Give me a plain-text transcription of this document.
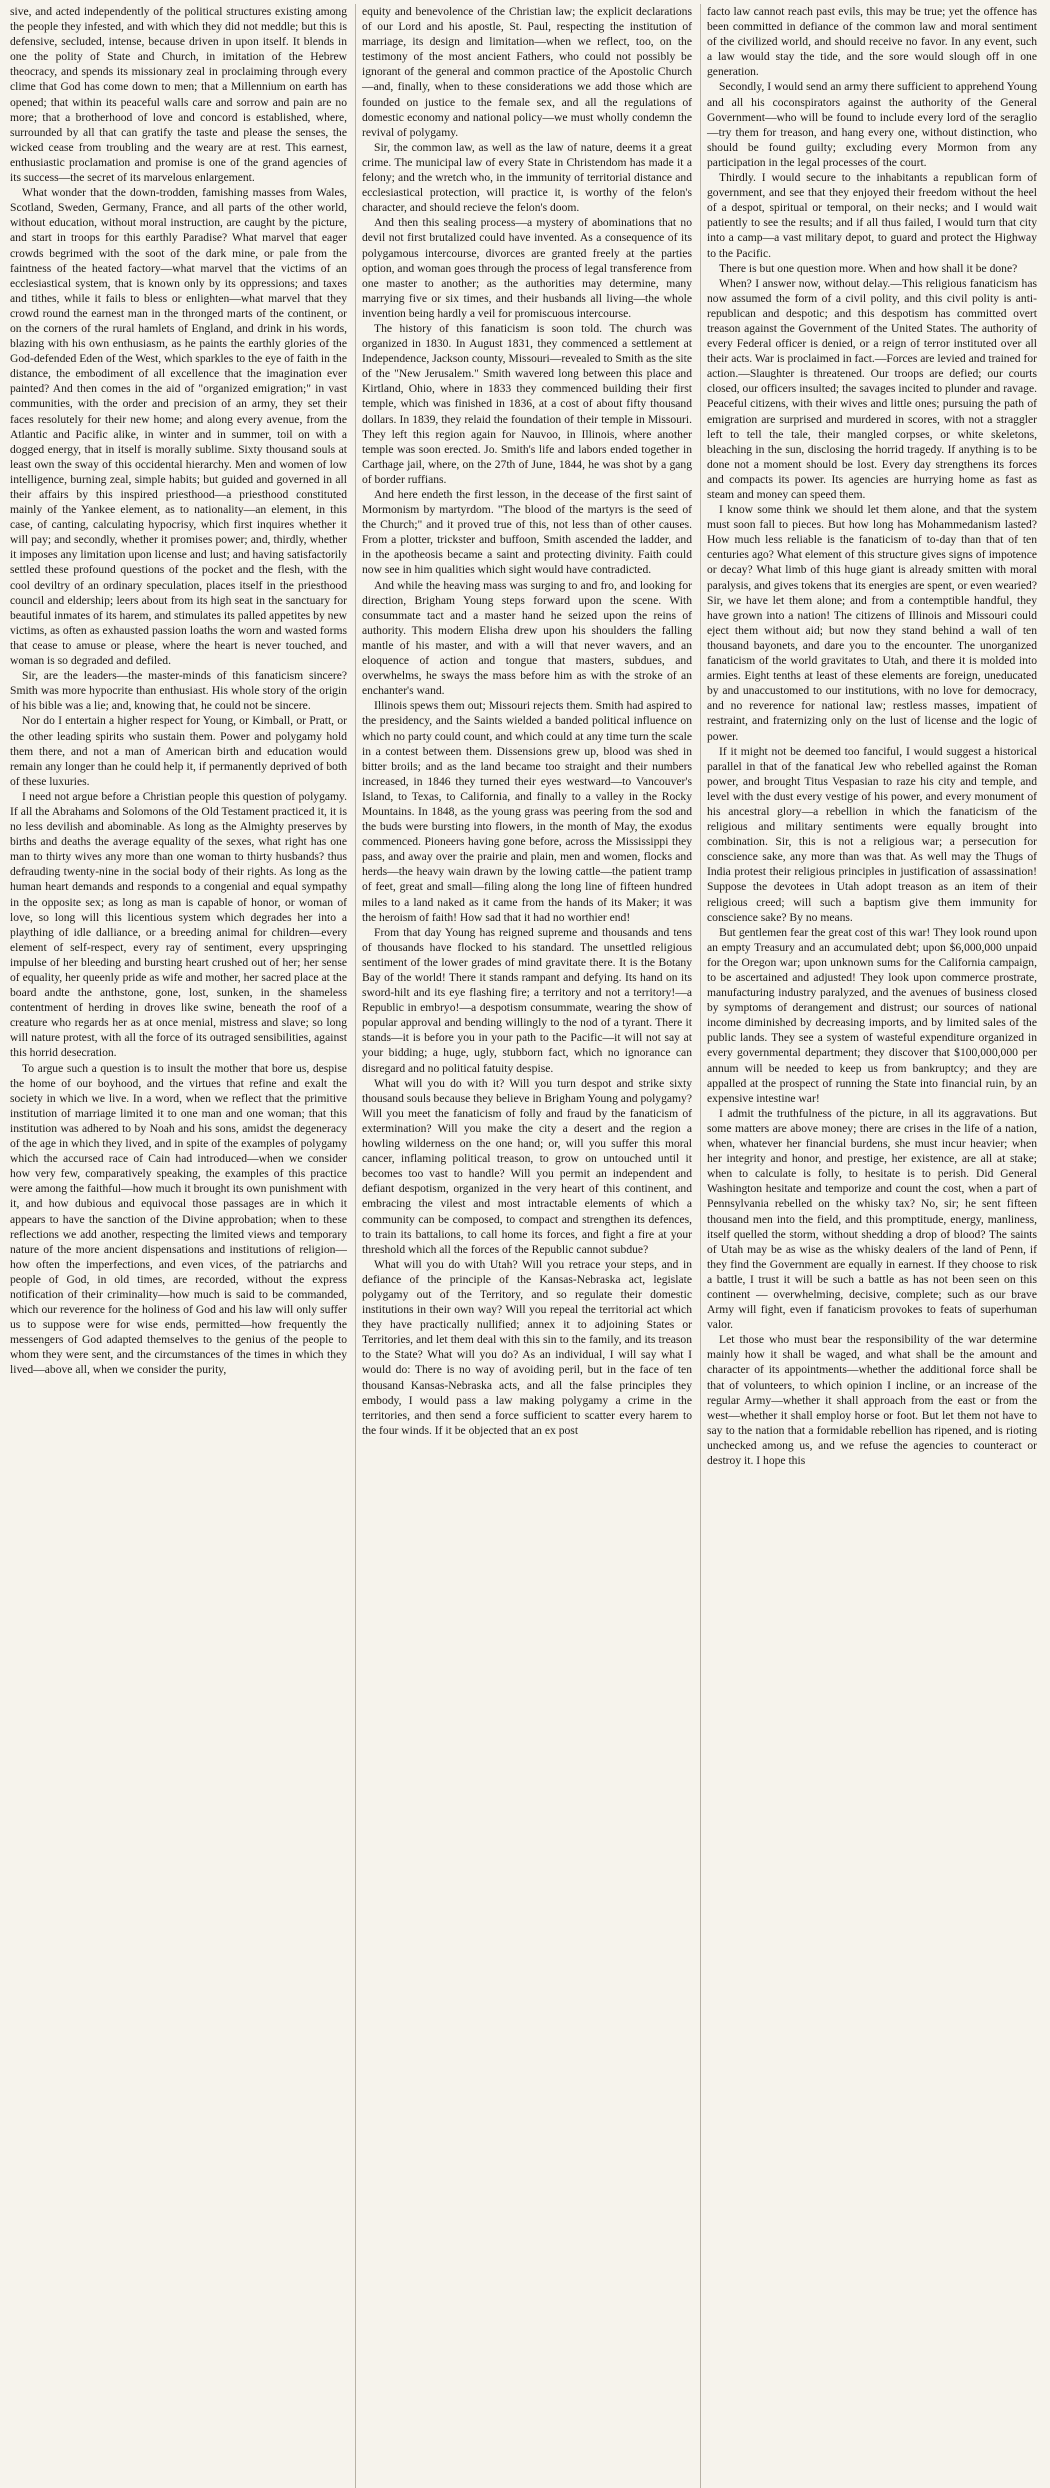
sive, and acted independently of the political structures existing among the people they infested, and with which they did not meddle; but this is defensive, secluded, intense, because driven in upon itself. It blends in one the polity of State and Church, in imitation of the Hebrew theocracy, and spends its missionary zeal in proclaiming through every clime that God has come down to men; that a Millennium on earth has opened; that within its peaceful walls care and sorrow and pain are no more; that a brotherhood of love and concord is established, where, surrounded by all that can gratify the taste and please the senses, the wicked cease from troubling and the weary are at rest. This earnest, enthusiastic proclamation and promise is one of the grand agencies of its success—the secret of its marvelous enlargement.

What wonder that the down-trodden, famishing masses from Wales, Scotland, Sweden, Germany, France, and all parts of the other world, without education, without moral instruction, are caught by the picture, and start in troops for this earthly Paradise? What marvel that eager crowds begrimed with the soot of the dark mine, or pale from the faintness of the heated factory—what marvel that the victims of an ecclesiastical system, that is known only by its oppressions; and taxes and tithes, while it fails to bless or enlighten—what marvel that they crowd round the earnest man in the thronged marts of the continent, or on the corners of the rural hamlets of England, and drink in his words, blazing with his own enthusiasm, as he paints the earthly glories of the God-defended Eden of the West, which sparkles to the eye of faith in the distance, the embodiment of all excellence that the imagination ever painted? And then comes in the aid of "organized emigration;" in vast communities, with the order and precision of an army, they set their faces resolutely for their new home; and along every avenue, from the Atlantic and Pacific alike, in winter and in summer, toil on with a dogged energy, that in itself is morally sublime. Sixty thousand souls at least own the sway of this occidental hierarchy. Men and women of low intelligence, burning zeal, simple habits; but guided and governed in all their affairs by this inspired priesthood—a priesthood constituted mainly of the Yankee element, as to nationality—an element, in this case, of canting, calculating hypocrisy, which first inquires whether it will pay; and secondly, whether it promises power; and, thirdly, whether it imposes any limitation upon license and lust; and having satisfactorily settled these profound questions of the pocket and the flesh, with the cool deviltry of an ordinary speculation, places itself in the priesthood council and eldership; leers about from its high seat in the sanctuary for beautiful inmates of its harem, and stimulates its palled appetites by new victims, as often as exhausted passion loaths the worn and wasted forms that cease to amuse or please, where the heart is never touched, and woman is so degraded and defiled.

Sir, are the leaders—the master-minds of this fanaticism sincere? Smith was more hypocrite than enthusiast. His whole story of the origin of his bible was a lie; and, knowing that, he could not be sincere.

Nor do I entertain a higher respect for Young, or Kimball, or Pratt, or the other leading spirits who sustain them. Power and polygamy hold them there, and not a man of American birth and education would remain any longer than he could help it, if permanently deprived of both of these luxuries.

I need not argue before a Christian people this question of polygamy. If all the Abrahams and Solomons of the Old Testament practiced it, it is no less devilish and abominable. As long as the Almighty preserves by births and deaths the average equality of the sexes, what right has one man to thirty wives any more than one woman to thirty husbands? thus defrauding twenty-nine in the social body of their rights. As long as the human heart demands and responds to a congenial and equal sympathy in the opposite sex; as long as man is capable of honor, or woman of love, so long will this licentious system which degrades her into a plaything of idle dalliance, or a breeding animal for children—every element of self-respect, every ray of sentiment, every upspringing impulse of her bleeding and bursting heart crushed out of her; her sense of equality, her queenly pride as wife and mother, her sacred place at the board andte the anthstone, gone, lost, sunken, in the shameless contentment of herding in droves like swine, beneath the roof of a creature who regards her as at once menial, mistress and slave; so long will nature protest, with all the force of its outraged sensibilities, against this horrid desecration.

To argue such a question is to insult the mother that bore us, despise the home of our boyhood, and the virtues that refine and exalt the society in which we live. In a word, when we reflect that the primitive institution of marriage limited it to one man and one woman; that this institution was adhered to by Noah and his sons, amidst the degeneracy of the age in which they lived, and in spite of the examples of polygamy which the accursed race of Cain had introduced—when we consider how very few, comparatively speaking, the examples of this practice were among the faithful—how much it brought its own punishment with it, and how dubious and equivocal those passages are in which it appears to have the sanction of the Divine approbation; when to these reflections we add another, respecting the limited views and temporary nature of the more ancient dispensations and institutions of religion—how often the imperfections, and even vices, of the patriarchs and people of God, in old times, are recorded, without the express notification of their criminality—how much is said to be commanded, which our reverence for the holiness of God and his law will only suffer us to suppose were for wise ends, permitted—how frequently the messengers of God adapted themselves to the genius of the people to whom they were sent, and the circumstances of the times in which they lived—above all, when we consider the purity,

equity and benevolence of the Christian law; the explicit declarations of our Lord and his apostle, St. Paul, respecting the institution of marriage, its design and limitation—when we reflect, too, on the testimony of the most ancient Fathers, who could not possibly be ignorant of the general and common practice of the Apostolic Church—and, finally, when to these considerations we add those which are founded on justice to the female sex, and all the regulations of domestic economy and national policy—we must wholly condemn the revival of polygamy.

Sir, the common law, as well as the law of nature, deems it a great crime. The municipal law of every State in Christendom has made it a felony; and the wretch who, in the immunity of territorial distance and ecclesiastical protection, will practice it, is worthy of the felon's character, and should recieve the felon's doom.

And then this sealing process—a mystery of abominations that no devil not first brutalized could have invented. As a consequence of its polygamous intercourse, divorces are granted freely at the parties option, and woman goes through the process of legal transference from one master to another; as the authorities may determine, many marrying five or six times, and their husbands all living—the whole invention being hardly a veil for promiscuous intercourse.

The history of this fanaticism is soon told. The church was organized in 1830. In August 1831, they commenced a settlement at Independence, Jackson county, Missouri—revealed to Smith as the site of the "New Jerusalem." Smith wavered long between this place and Kirtland, Ohio, where in 1833 they commenced building their first temple, which was finished in 1836, at a cost of about fifty thousand dollars. In 1839, they relaid the foundation of their temple in Missouri. They left this region again for Nauvoo, in Illinois, where another temple was soon erected. Jo. Smith's life and labors ended together in Carthage jail, where, on the 27th of June, 1844, he was shot by a gang of border ruffians.

And here endeth the first lesson, in the decease of the first saint of Mormonism by martyrdom. "The blood of the martyrs is the seed of the Church;" and it proved true of this, not less than of other causes. From a plotter, trickster and buffoon, Smith ascended the ladder, and in the apotheosis became a saint and protecting divinity. Faith could now see in him qualities which sight would have contradicted.

And while the heaving mass was surging to and fro, and looking for direction, Brigham Young steps forward upon the scene. With consummate tact and a master hand he seized upon the reins of authority. This modern Elisha drew upon his shoulders the falling mantle of his master, and with a will that never wavers, and an eloquence of action and tongue that masters, subdues, and overwhelms, he sways the mass before him as with the stroke of an enchanter's wand.

Illinois spews them out; Missouri rejects them. Smith had aspired to the presidency, and the Saints wielded a banded political influence on which no party could count, and which could at any time turn the scale in a contest between them. Dissensions grew up, blood was shed in bitter broils; and as the land became too straight and their numbers increased, in 1846 they turned their eyes westward—to Vancouver's Island, to Texas, to California, and finally to a valley in the Rocky Mountains. In 1848, as the young grass was peering from the sod and the buds were bursting into flowers, in the month of May, the exodus commenced. Pioneers having gone before, across the Mississippi they pass, and away over the prairie and plain, men and women, flocks and herds—the heavy wain drawn by the lowing cattle—the patient tramp of feet, great and small—filing along the long line of fifteen hundred miles to a land naked as it came from the hands of its Maker; it was the heroism of faith! How sad that it had no worthier end!

From that day Young has reigned supreme and thousands and tens of thousands have flocked to his standard. The unsettled religious sentiment of the lower grades of mind gravitate there. It is the Botany Bay of the world! There it stands rampant and defying. Its hand on its sword-hilt and its eye flashing fire; a territory and not a territory!—a Republic in embryo!—a despotism consummate, wearing the show of popular approval and bending willingly to the nod of a tyrant. There it stands—it is before you in your path to the Pacific—it will not say at your bidding; a huge, ugly, stubborn fact, which no ignorance can disregard and no political fatuity despise.

What will you do with it? Will you turn despot and strike sixty thousand souls because they believe in Brigham Young and polygamy? Will you meet the fanaticism of folly and fraud by the fanaticism of extermination? Will you make the city a desert and the region a howling wilderness on the one hand; or, will you suffer this moral cancer, inflaming political treason, to grow on untouched until it becomes too vast to handle? Will you permit an independent and defiant despotism, organized in the very heart of this continent, and embracing the vilest and most intractable elements of which a community can be composed, to compact and strengthen its defences, to train its battalions, to call home its forces, and fight a fire at your threshold which all the forces of the Republic cannot subdue?

What will you do with Utah? Will you retrace your steps, and in defiance of the principle of the Kansas-Nebraska act, legislate polygamy out of the Territory, and so regulate their domestic institutions in their own way? Will you repeal the territorial act which they have practically nullified; annex it to adjoining States or Territories, and let them deal with this sin to the family, and its treason to the State? What will you do? As an individual, I will say what I would do: There is no way of avoiding peril, but in the face of ten thousand Kansas-Nebraska acts, and all the false principles they embody, I would pass a law making polygamy a crime in the territories, and then send a force sufficient to scatter every harem to the four winds. If it be objected that an ex post

facto law cannot reach past evils, this may be true; yet the offence has been committed in defiance of the common law and moral sentiment of the civilized world, and should receive no favor. In any event, such a law would stay the tide, and the sore would slough off in one generation.

Secondly, I would send an army there sufficient to apprehend Young and all his coconspirators against the authority of the General Government—who will be found to include every lord of the seraglio—try them for treason, and hang every one, without distinction, who should be found guilty; excluding every Mormon from any participation in the legal processes of the court.

Thirdly. I would secure to the inhabitants a republican form of government, and see that they enjoyed their freedom without the heel of a despot, spiritual or temporal, on their necks; and I would wait patiently to see the results; and if all thus failed, I would turn that city into a camp—a vast military depot, to guard and protect the Highway to the Pacific.

There is but one question more. When and how shall it be done?

When? I answer now, without delay.—This religious fanaticism has now assumed the form of a civil polity, and this civil polity is anti-republican and despotic; and this despotism has committed overt treason against the Government of the United States. The authority of every Federal officer is denied, or a reign of terror instituted over all their acts. War is proclaimed in fact.—Forces are levied and trained for action.—Slaughter is threatened. Our troops are defied; our courts closed, our officers insulted; the savages incited to plunder and ravage. Peaceful citizens, with their wives and little ones; pursuing the path of emigration are surprised and murdered in scores, with not a straggler left to tell the tale, their mangled corpses, or white skeletons, bleaching in the sun, disclosing the horrid tragedy. If anything is to be done not a moment should be lost. Every day strengthens its forces and compacts its power. Its agencies are hurrying home as fast as steam and money can speed them.

I know some think we should let them alone, and that the system must soon fall to pieces. But how long has Mohammedanism lasted? How much less reliable is the fanaticism of to-day than that of ten centuries ago? What element of this structure gives signs of impotence or decay? What limb of this huge giant is already smitten with moral paralysis, and gives tokens that its energies are spent, or even wearied? Sir, we have let them alone; and from a contemptible handful, they have grown into a nation! The citizens of Illinois and Missouri could eject them without aid; but now they stand behind a wall of ten thousand bayonets, and dare you to the encounter. The unorganized fanaticism of the world gravitates to Utah, and there it is molded into armies. Eight tenths at least of these elements are foreign, uneducated by and unaccustomed to our institutions, with no love for democracy, and no reverence for national law; restless masses, impatient of restraint, and fraternizing only on the lust of license and the logic of power.

If it might not be deemed too fanciful, I would suggest a historical parallel in that of the fanatical Jew who rebelled against the Roman power, and brought Titus Vespasian to raze his city and temple, and level with the dust every vestige of his power, and every monument of his ancestral glory—a rebellion in which the fanaticism of the religious and military sentiments were equally brought into combination. Sir, this is not a religious war; a persecution for conscience sake, any more than was that. As well may the Thugs of India protest their religious principles in justification of assassination! Suppose the devotees in Utah adopt treason as an item of their religious creed; will such a baptism give them immunity for conscience sake? By no means.

But gentlemen fear the great cost of this war! They look round upon an empty Treasury and an accumulated debt; upon $6,000,000 unpaid for the Oregon war; upon unknown sums for the California campaign, to be ascertained and adjusted! They look upon commerce prostrate, manufacturing industry paralyzed, and the avenues of business closed by symptoms of derangement and distrust; our sources of national income diminished by decreasing imports, and by limited sales of the public lands. They see a system of wasteful expenditure organized in every governmental department; they discover that $100,000,000 per annum will be needed to keep us from bankruptcy; and they are appalled at the prospect of running the State into financial ruin, by an expensive intestine war!

I admit the truthfulness of the picture, in all its aggravations. But some matters are above money; there are crises in the life of a nation, when, whatever her financial burdens, she must incur heavier; when her integrity and honor, and prestige, her existence, are all at stake; when to calculate is folly, to hesitate is to perish. Did General Washington hesitate and temporize and count the cost, when a part of Pennsylvania rebelled on the whisky tax? No, sir; he sent fifteen thousand men into the field, and this promptitude, energy, manliness, itself quelled the storm, without shedding a drop of blood? The saints of Utah may be as wise as the whisky dealers of the land of Penn, if they find the Government are equally in earnest. If they choose to risk a battle, I trust it will be such a battle as has not been seen on this continent — overwhelming, decisive, complete; such as our brave Army will fight, even if fanaticism provokes to feats of superhuman valor.

Let those who must bear the responsibility of the war determine mainly how it shall be waged, and what shall be the amount and character of its appointments—whether the additional force shall be that of volunteers, to which opinion I incline, or an increase of the regular Army—whether it shall approach from the east or from the west—whether it shall employ horse or foot. But let them not have to say to the nation that a formidable rebellion has ripened, and is rioting unchecked among us, and we refuse the agencies to counteract or destroy it. I hope this
